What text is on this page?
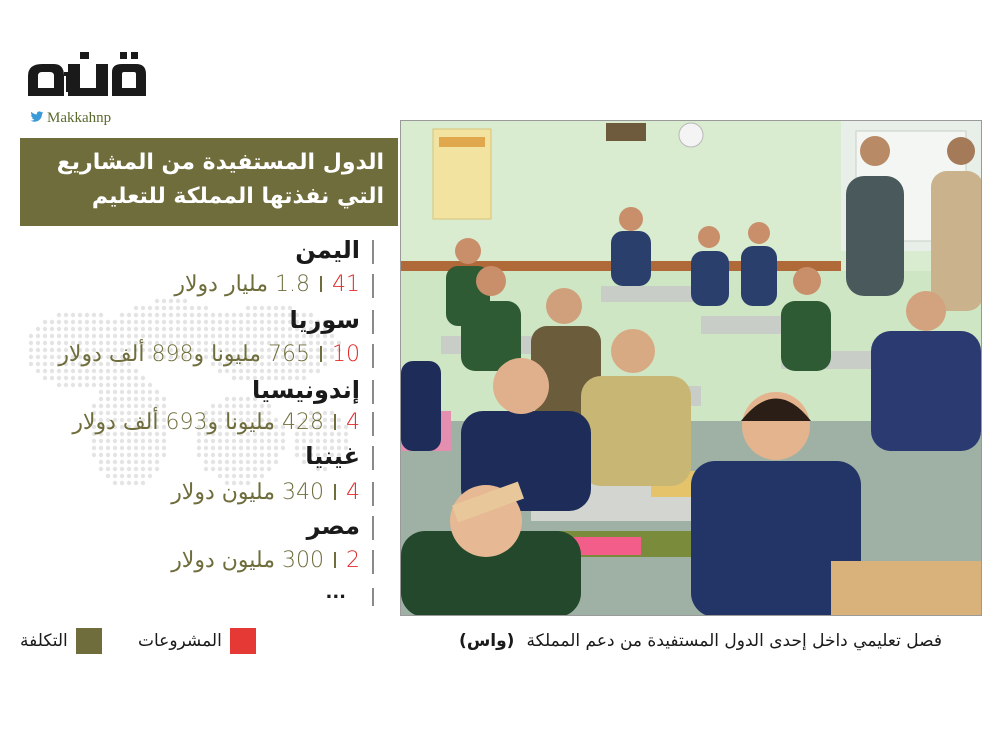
Makkahnp
الدول المستفيدة من المشاريع
التي نفذتها المملكة للتعليم
اليمن
411.8 مليار دولار
سوريا
10765 مليونا و898 ألف دولار
إندونيسيا
4428 مليونا و693 ألف دولار
غينيا
4340 مليون دولار
مصر
2300 مليون دولار
...
المشروعات
التكلفة	فصل تعليمي داخل إحدى الدول المستفيدة من دعم المملكة(واس)
